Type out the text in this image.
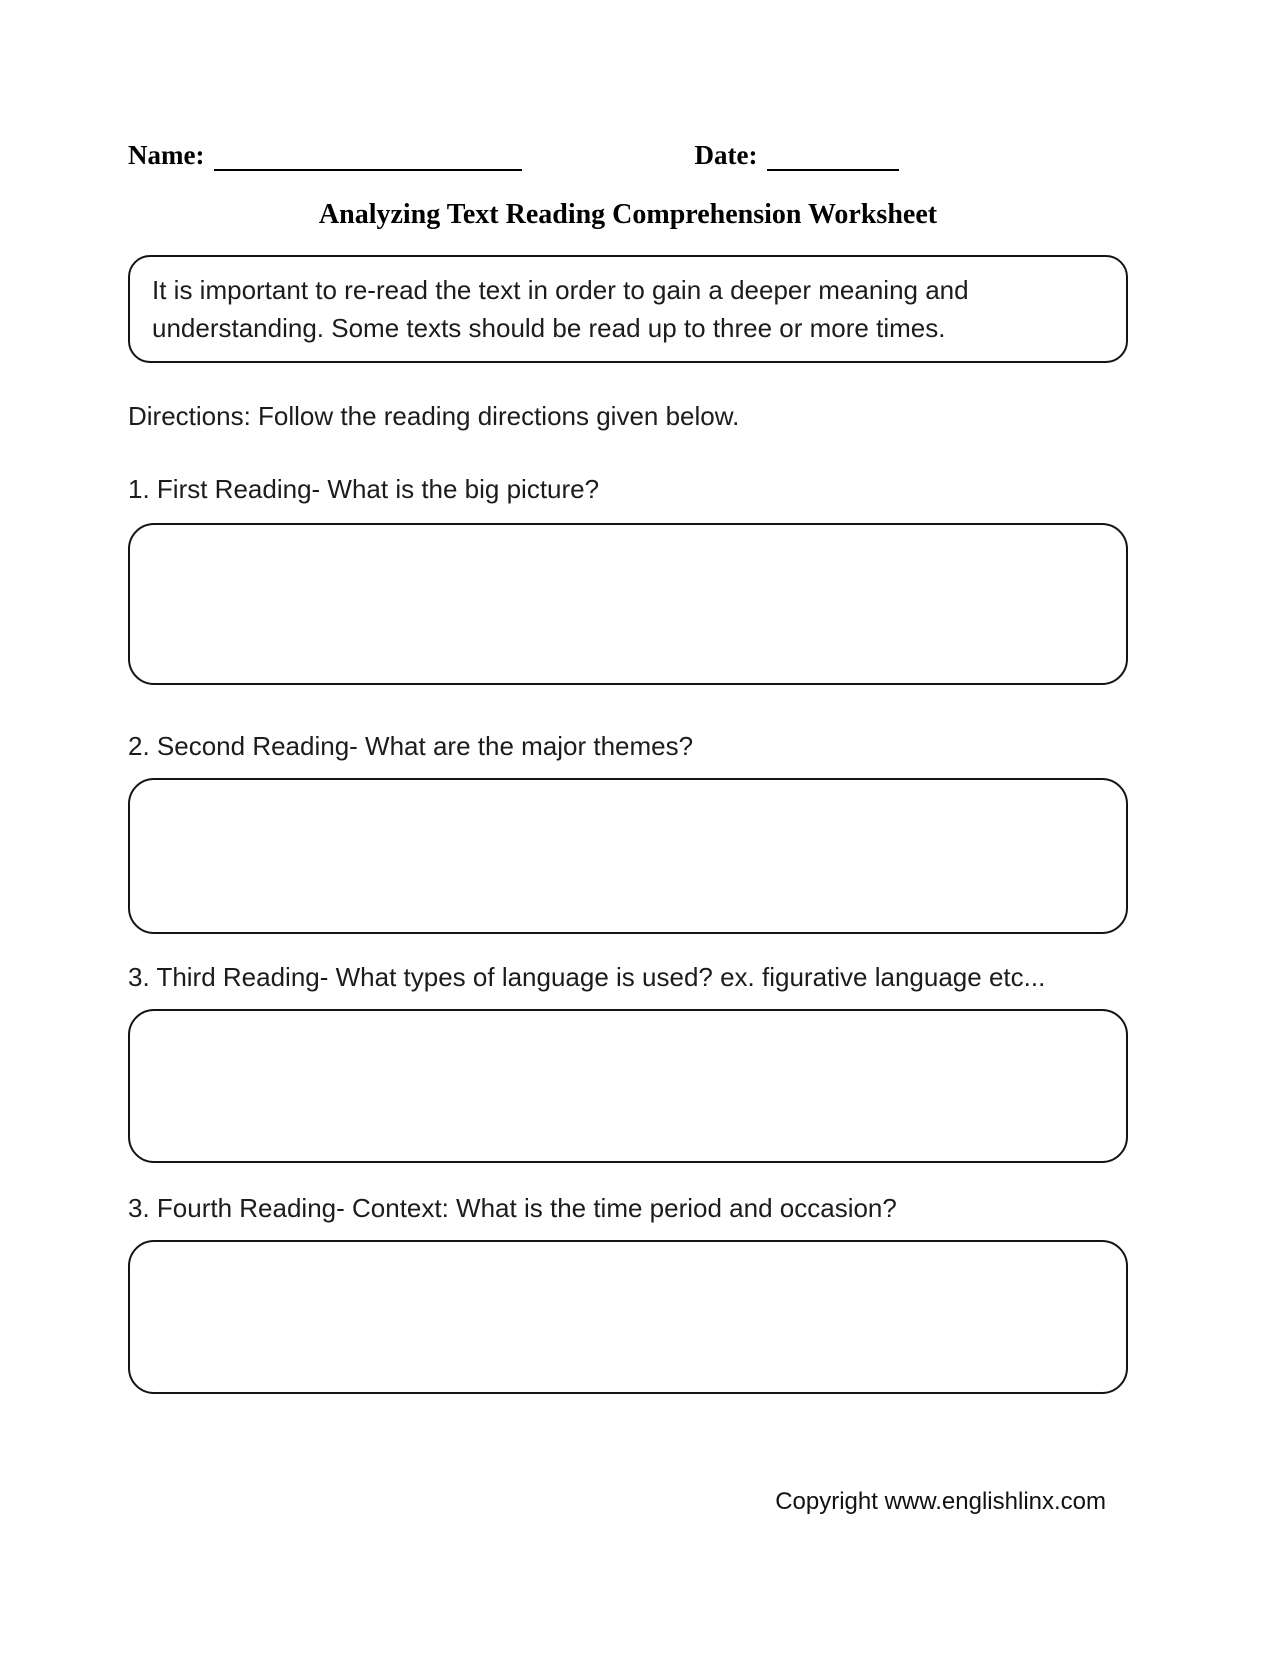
Name:	Date:
Analyzing Text Reading Comprehension Worksheet
It is important to re-read the text in order to gain a deeper meaning and understanding. Some texts should be read up to three or more times.
Directions: Follow the reading directions given below.
1. First Reading- What is the big picture?
2. Second Reading- What are the major themes?
3. Third Reading- What types of language is used? ex. figurative language etc...
3. Fourth Reading- Context: What is the time period and occasion?
Copyright www.englishlinx.com
